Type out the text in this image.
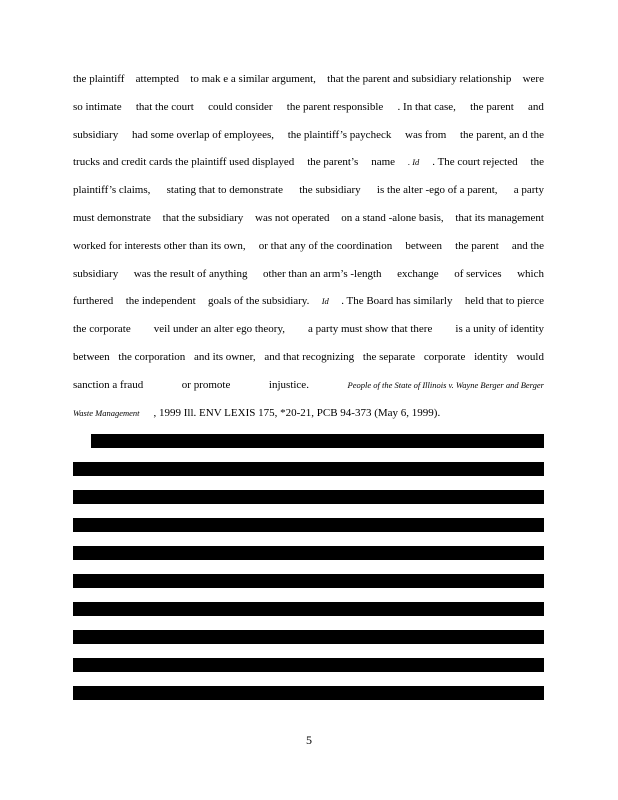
the plaintiff attempted to mak e a similar argument, that the parent and subsidiary relationship were
so intimate that the court could consider the parent responsible . In that case, the parent and
subsidiary had some overlap of employees, the plaintiff’s paycheck was from the parent, an d the
trucks and credit cards the plaintiff used displayed the parent’s name . Id . The court rejected the
plaintiff’s claims, stating that to demonstrate the subsidiary is the alter -ego of a parent, a party
must demonstrate that the subsidiary was not operated on a stand -alone basis, that its management
worked for interests other than its own, or that any of the coordination between the parent and the
subsidiary was the result of anything other than an arm’s -length exchange of services which
furthered the independent goals of the subsidiary. Id . The Board has similarly held that to pierce
the corporate veil under an alter ego theory, a party must show that there is a unity of identity
between the corporation and its owner, and that recognizing the separate corporate identity would
sanction a fraud	or promote	injustice.	People of the State of Illinois v. Wayne Berger and Berger
Waste Management , 1999 Ill. ENV LEXIS 175, *20-21, PCB 94-373 (May 6, 1999).
5
